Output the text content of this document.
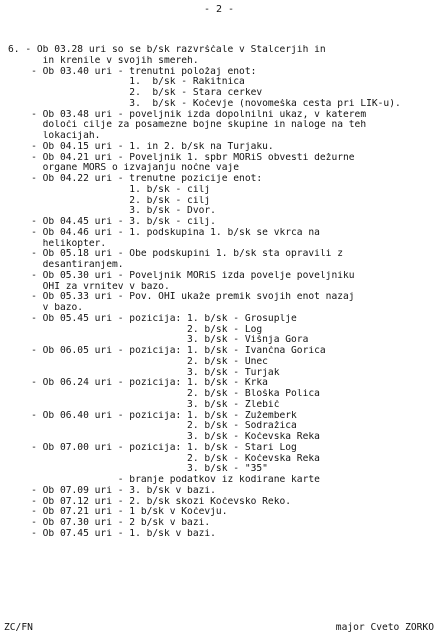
- 2 -
6. - Ob 03.28 uri so se b/sk razvrščale v Stalcerjih in
in krenile v svojih smereh.
- Ob 03.40 uri - trenutni položaj enot:
1.  b/sk - Rakitnica
2.  b/sk - Stara cerkev
3.  b/sk - Kočevje (novomeška cesta pri LIK-u).
- Ob 03.48 uri - poveljnik izda dopolnilni ukaz, v katerem
določi cilje za posamezne bojne skupine in naloge na teh
lokacijah.
- Ob 04.15 uri - 1. in 2. b/sk na Turjaku.
- Ob 04.21 uri - Poveljnik 1. spbr MORiS obvesti dežurne
organe MORS o izvajanju nočne vaje
- Ob 04.22 uri - trenutne pozicije enot:
1. b/sk - cilj
2. b/sk - cilj
3. b/sk - Dvor.
- Ob 04.45 uri - 3. b/sk - cilj.
- Ob 04.46 uri - 1. podskupina 1. b/sk se vkrca na
helikopter.
- Ob 05.18 uri - Obe podskupini 1. b/sk sta opravili z
desantiranjem.
- Ob 05.30 uri - Poveljnik MORiS izda povelje poveljniku
OHI za vrnitev v bazo.
- Ob 05.33 uri - Pov. OHI ukaže premik svojih enot nazaj
v bazo.
- Ob 05.45 uri - pozicija: 1. b/sk - Grosuplje
2. b/sk - Log
3. b/sk - Višnja Gora
- Ob 06.05 uri - pozicija: 1. b/sk - Ivančna Gorica
2. b/sk - Unec
3. b/sk - Turjak
- Ob 06.24 uri - pozicija: 1. b/sk - Krka
2. b/sk - Bloška Polica
3. b/sk - Žlebič
- Ob 06.40 uri - pozicija: 1. b/sk - Žužemberk
2. b/sk - Sodražica
3. b/sk - Kočevska Reka
- Ob 07.00 uri - pozicija: 1. b/sk - Stari Log
2. b/sk - Kočevska Reka
3. b/sk - "35"
- branje podatkov iz kodirane karte
- Ob 07.09 uri - 3. b/sk v bazi.
- Ob 07.12 uri - 2. b/sk skozi Kočevsko Reko.
- Ob 07.21 uri - 1 b/sk v Kočevju.
- Ob 07.30 uri - 2 b/sk v bazi.
- Ob 07.45 uri - 1. b/sk v bazi.
ZC/FN	major Cveto ZORKO
